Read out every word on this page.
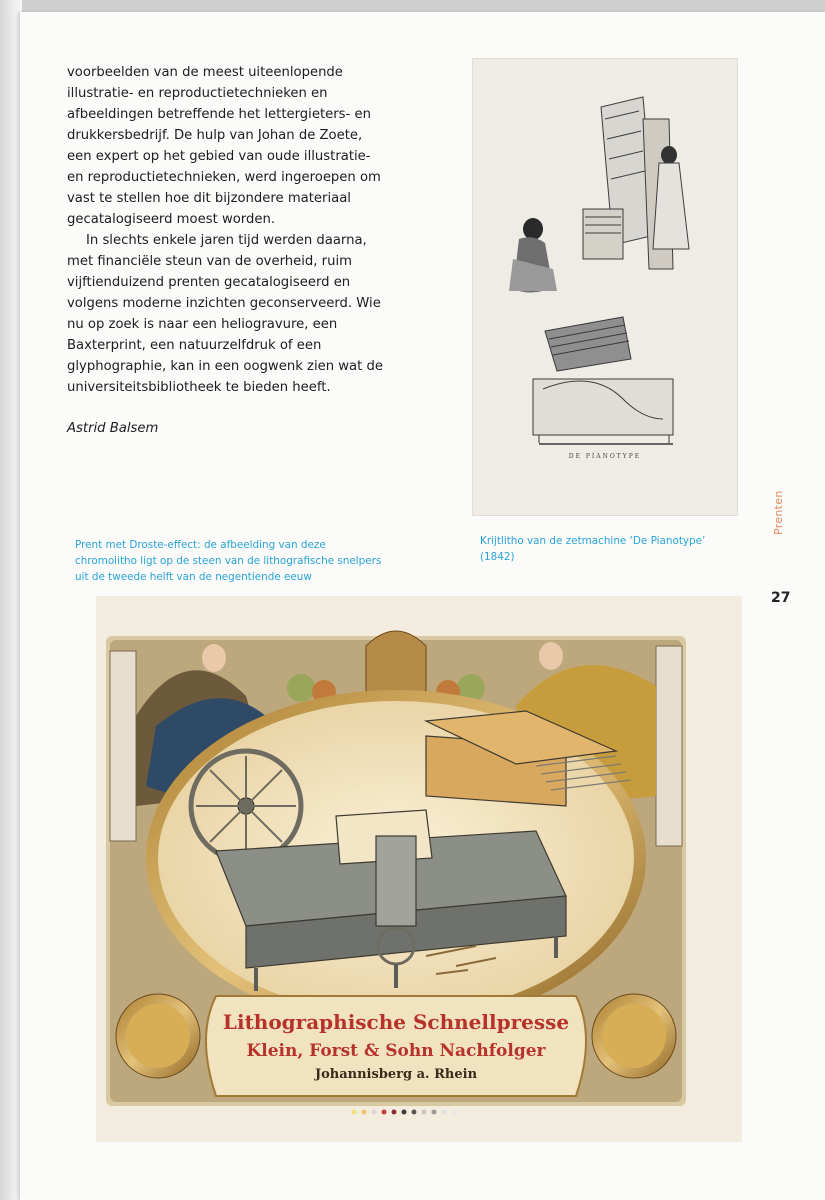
voorbeelden van de meest uiteenlopende illustratie- en reproductietechnieken en afbeeldingen betreffende het lettergieters- en drukkersbedrijf. De hulp van Johan de Zoete, een expert op het gebied van oude illustratie- en reproductietechnieken, werd ingeroepen om vast te stellen hoe dit bijzondere materiaal gecatalogiseerd moest worden.

In slechts enkele jaren tijd werden daarna, met financiële steun van de overheid, ruim vijftienduizend prenten gecatalogiseerd en volgens moderne inzichten geconserveerd. Wie nu op zoek is naar een heliogravure, een Baxterprint, een natuurzelfdruk of een glyphographie, kan in een oogwenk zien wat de universiteitsbibliotheek te bieden heeft.

Astrid Balsem
DE PIANOTYPE
Prent met Droste-effect: de afbeelding van deze chromolitho ligt op de steen van de lithografische snelpers uit de tweede helft van de negentiende eeuw
Krijtlitho van de zetmachine ‘De Pianotype’ (1842)
Prenten
27
Lithographische Schnellpresse
Klein, Forst & Sohn Nachfolger
Johannisberg a. Rhein
